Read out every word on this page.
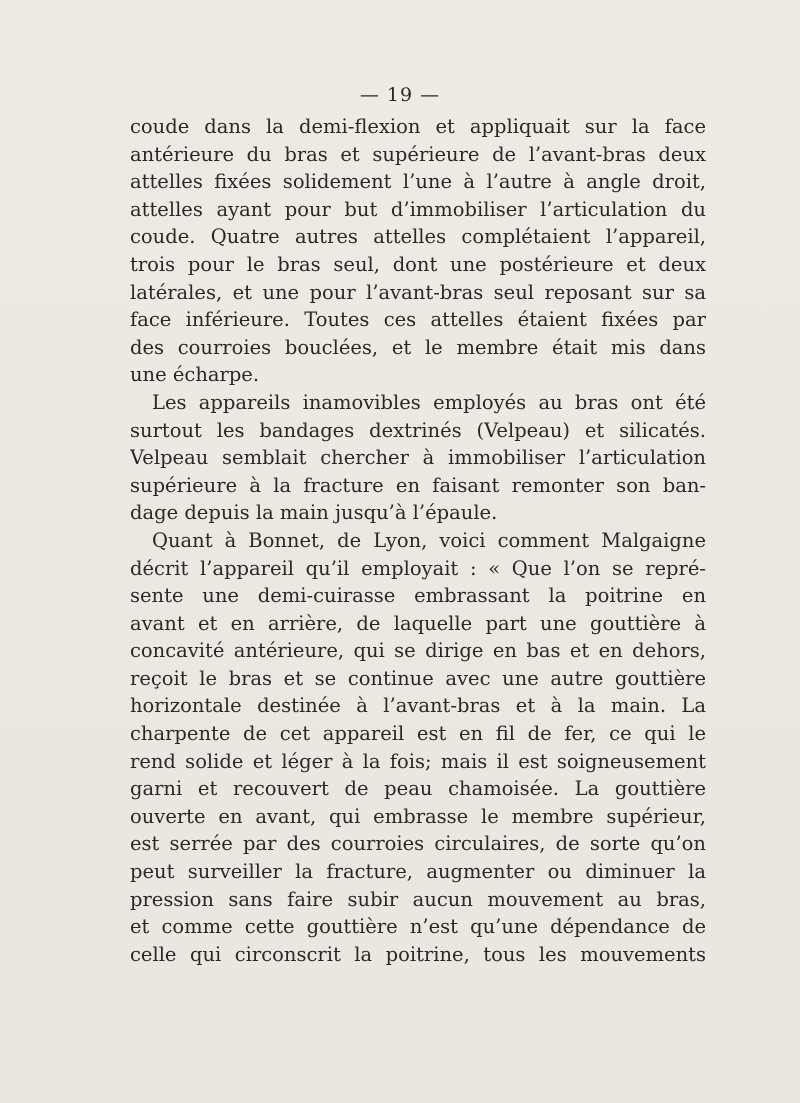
— 19 —
coude dans la demi-flexion et appliquait sur la face
antérieure du bras et supérieure de l’avant-bras deux
attelles fixées solidement l’une à l’autre à angle droit,
attelles ayant pour but d’immobiliser l’articulation du
coude. Quatre autres attelles complétaient l’appareil,
trois pour le bras seul, dont une postérieure et deux
latérales, et une pour l’avant-bras seul reposant sur sa
face inférieure. Toutes ces attelles étaient fixées par
des courroies bouclées, et le membre était mis dans
une écharpe.
Les appareils inamovibles employés au bras ont été
surtout les bandages dextrinés (Velpeau) et silicatés.
Velpeau semblait chercher à immobiliser l’articulation
supérieure à la fracture en faisant remonter son ban-
dage depuis la main jusqu’à l’épaule.
Quant à Bonnet, de Lyon, voici comment Malgaigne
décrit l’appareil qu’il employait : « Que l’on se repré-
sente une demi-cuirasse embrassant la poitrine en
avant et en arrière, de laquelle part une gouttière à
concavité antérieure, qui se dirige en bas et en dehors,
reçoit le bras et se continue avec une autre gouttière
horizontale destinée à l’avant-bras et à la main. La
charpente de cet appareil est en fil de fer, ce qui le
rend solide et léger à la fois; mais il est soigneusement
garni et recouvert de peau chamoisée. La gouttière
ouverte en avant, qui embrasse le membre supérieur,
est serrée par des courroies circulaires, de sorte qu’on
peut surveiller la fracture, augmenter ou diminuer la
pression sans faire subir aucun mouvement au bras,
et comme cette gouttière n’est qu’une dépendance de
celle qui circonscrit la poitrine, tous les mouvements
